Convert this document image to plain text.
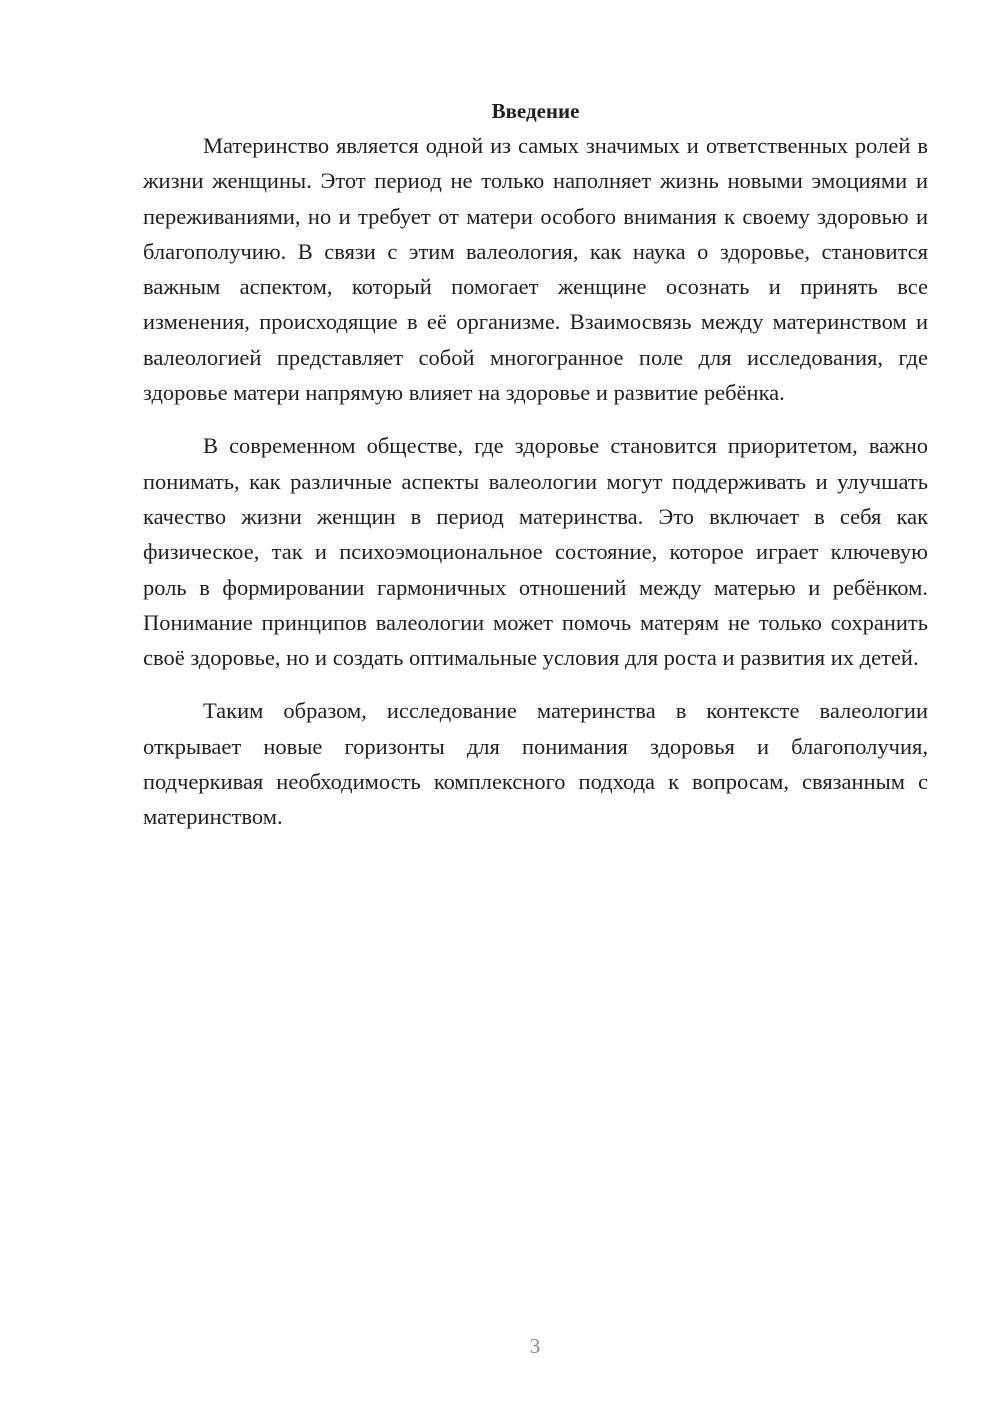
Введение

Материнство является одной из самых значимых и ответственных ролей в жизни женщины. Этот период не только наполняет жизнь новыми эмоциями и переживаниями, но и требует от матери особого внимания к своему здоровью и благополучию. В связи с этим валеология, как наука о здоровье, становится важным аспектом, который помогает женщине осознать и принять все изменения, происходящие в её организме. Взаимосвязь между материнством и валеологией представляет собой многогранное поле для исследования, где здоровье матери напрямую влияет на здоровье и развитие ребёнка.

В современном обществе, где здоровье становится приоритетом, важно понимать, как различные аспекты валеологии могут поддерживать и улучшать качество жизни женщин в период материнства. Это включает в себя как физическое, так и психоэмоциональное состояние, которое играет ключевую роль в формировании гармоничных отношений между матерью и ребёнком. Понимание принципов валеологии может помочь матерям не только сохранить своё здоровье, но и создать оптимальные условия для роста и развития их детей.

Таким образом, исследование материнства в контексте валеологии открывает новые горизонты для понимания здоровья и благополучия, подчеркивая необходимость комплексного подхода к вопросам, связанным с материнством.

3
